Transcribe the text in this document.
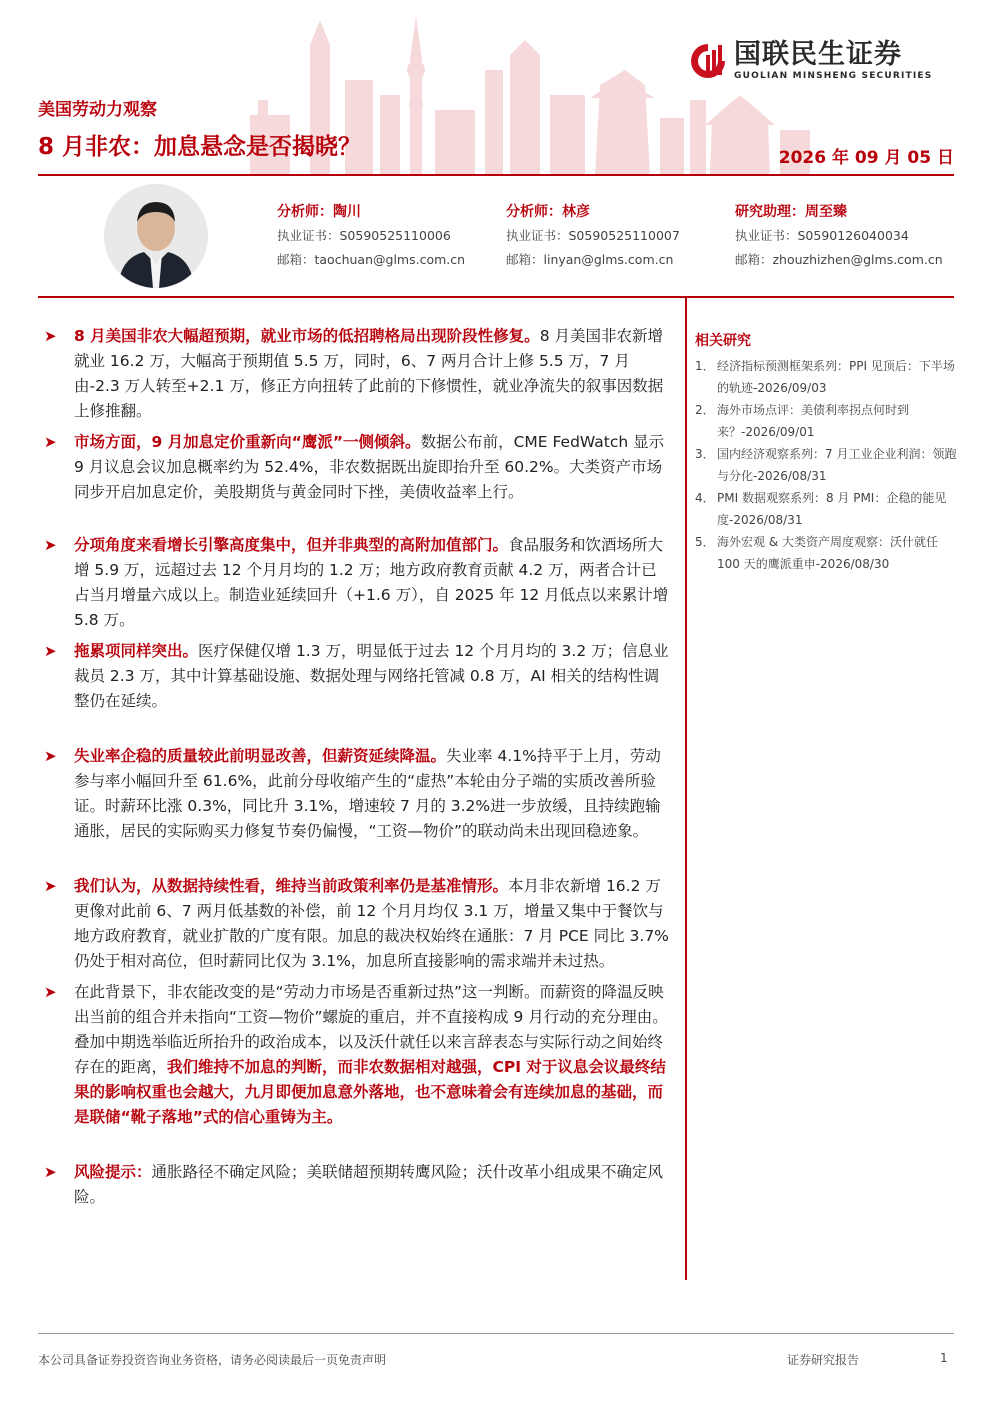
国联民生证券
GUOLIAN MINSHENG SECURITIES
美国劳动力观察
8 月非农：加息悬念是否揭晓？	2026 年 09 月 05 日
分析师：陶川
执业证书：S0590525110006
邮箱：taochuan@glms.com.cn
分析师：林彦
执业证书：S0590525110007
邮箱：linyan@glms.com.cn
研究助理：周至臻
执业证书：S0590126040034
邮箱：zhouzhizhen@glms.com.cn
➤	8 月美国非农大幅超预期，就业市场的低招聘格局出现阶段性修复。8 月美国非农新增就业 16.2 万，大幅高于预期值 5.5 万，同时，6、7 两月合计上修 5.5 万，7 月由-2.3 万人转至+2.1 万，修正方向扭转了此前的下修惯性，就业净流失的叙事因数据上修推翻。
➤	市场方面，9 月加息定价重新向“鹰派”一侧倾斜。数据公布前，CME FedWatch 显示 9 月议息会议加息概率约为 52.4%，非农数据既出旋即抬升至 60.2%。大类资产市场同步开启加息定价，美股期货与黄金同时下挫，美债收益率上行。
➤	分项角度来看增长引擎高度集中，但并非典型的高附加值部门。食品服务和饮酒场所大增 5.9 万，远超过去 12 个月月均的 1.2 万；地方政府教育贡献 4.2 万，两者合计已占当月增量六成以上。制造业延续回升（+1.6 万），自 2025 年 12 月低点以来累计增 5.8 万。
➤	拖累项同样突出。医疗保健仅增 1.3 万，明显低于过去 12 个月月均的 3.2 万；信息业裁员 2.3 万，其中计算基础设施、数据处理与网络托管减 0.8 万，AI 相关的结构性调整仍在延续。
➤	失业率企稳的质量较此前明显改善，但薪资延续降温。失业率 4.1%持平于上月，劳动参与率小幅回升至 61.6%，此前分母收缩产生的“虚热”本轮由分子端的实质改善所验证。时薪环比涨 0.3%，同比升 3.1%，增速较 7 月的 3.2%进一步放缓，且持续跑输通胀，居民的实际购买力修复节奏仍偏慢，“工资—物价”的联动尚未出现回稳迹象。
➤	我们认为，从数据持续性看，维持当前政策利率仍是基准情形。本月非农新增 16.2 万更像对此前 6、7 两月低基数的补偿，前 12 个月月均仅 3.1 万，增量又集中于餐饮与地方政府教育，就业扩散的广度有限。加息的裁决权始终在通胀：7 月 PCE 同比 3.7%仍处于相对高位，但时薪同比仅为 3.1%，加息所直接影响的需求端并未过热。
➤	在此背景下，非农能改变的是“劳动力市场是否重新过热”这一判断。而薪资的降温反映出当前的组合并未指向“工资—物价”螺旋的重启，并不直接构成 9 月行动的充分理由。叠加中期选举临近所抬升的政治成本，以及沃什就任以来言辞表态与实际行动之间始终存在的距离，我们维持不加息的判断，而非农数据相对越强，CPI 对于议息会议最终结果的影响权重也会越大，九月即便加息意外落地，也不意味着会有连续加息的基础，而是联储“靴子落地”式的信心重铸为主。
➤	风险提示：通胀路径不确定风险；美联储超预期转鹰风险；沃什改革小组成果不确定风险。
相关研究
1． 经济指标预测框架系列：PPI 见顶后：下半场的轨迹-2026/09/03
2． 海外市场点评：美债利率拐点何时到来？-2026/09/01
3． 国内经济观察系列：7 月工业企业利润：领跑与分化-2026/08/31
4． PMI 数据观察系列：8 月 PMI：企稳的能见度-2026/08/31
5． 海外宏观 & 大类资产周度观察：沃什就任 100 天的鹰派重申-2026/08/30
本公司具备证券投资咨询业务资格，请务必阅读最后一页免责声明	证券研究报告	1
